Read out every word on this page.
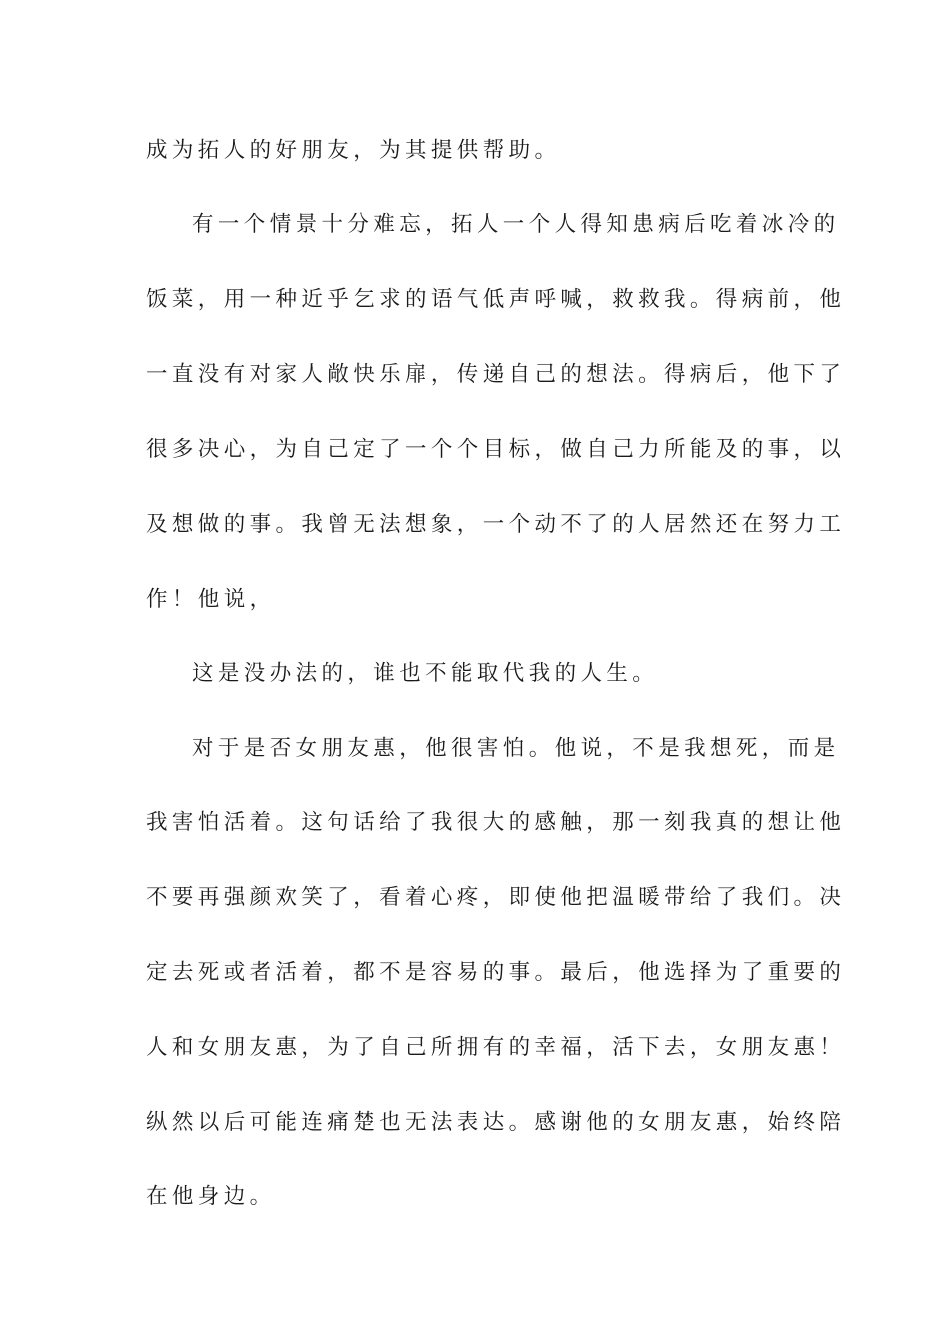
成为拓人的好朋友，为其提供帮助。
有一个情景十分难忘，拓人一个人得知患病后吃着冰冷的
饭菜，用一种近乎乞求的语气低声呼喊，救救我。得病前，他
一直没有对家人敞快乐扉，传递自己的想法。得病后，他下了
很多决心，为自己定了一个个目标，做自己力所能及的事，以
及想做的事。我曾无法想象，一个动不了的人居然还在努力工
作！他说，
这是没办法的，谁也不能取代我的人生。
对于是否女朋友惠，他很害怕。他说，不是我想死，而是
我害怕活着。这句话给了我很大的感触，那一刻我真的想让他
不要再强颜欢笑了，看着心疼，即使他把温暖带给了我们。决
定去死或者活着，都不是容易的事。最后，他选择为了重要的
人和女朋友惠，为了自己所拥有的幸福，活下去，女朋友惠！
纵然以后可能连痛楚也无法表达。感谢他的女朋友惠，始终陪
在他身边。
